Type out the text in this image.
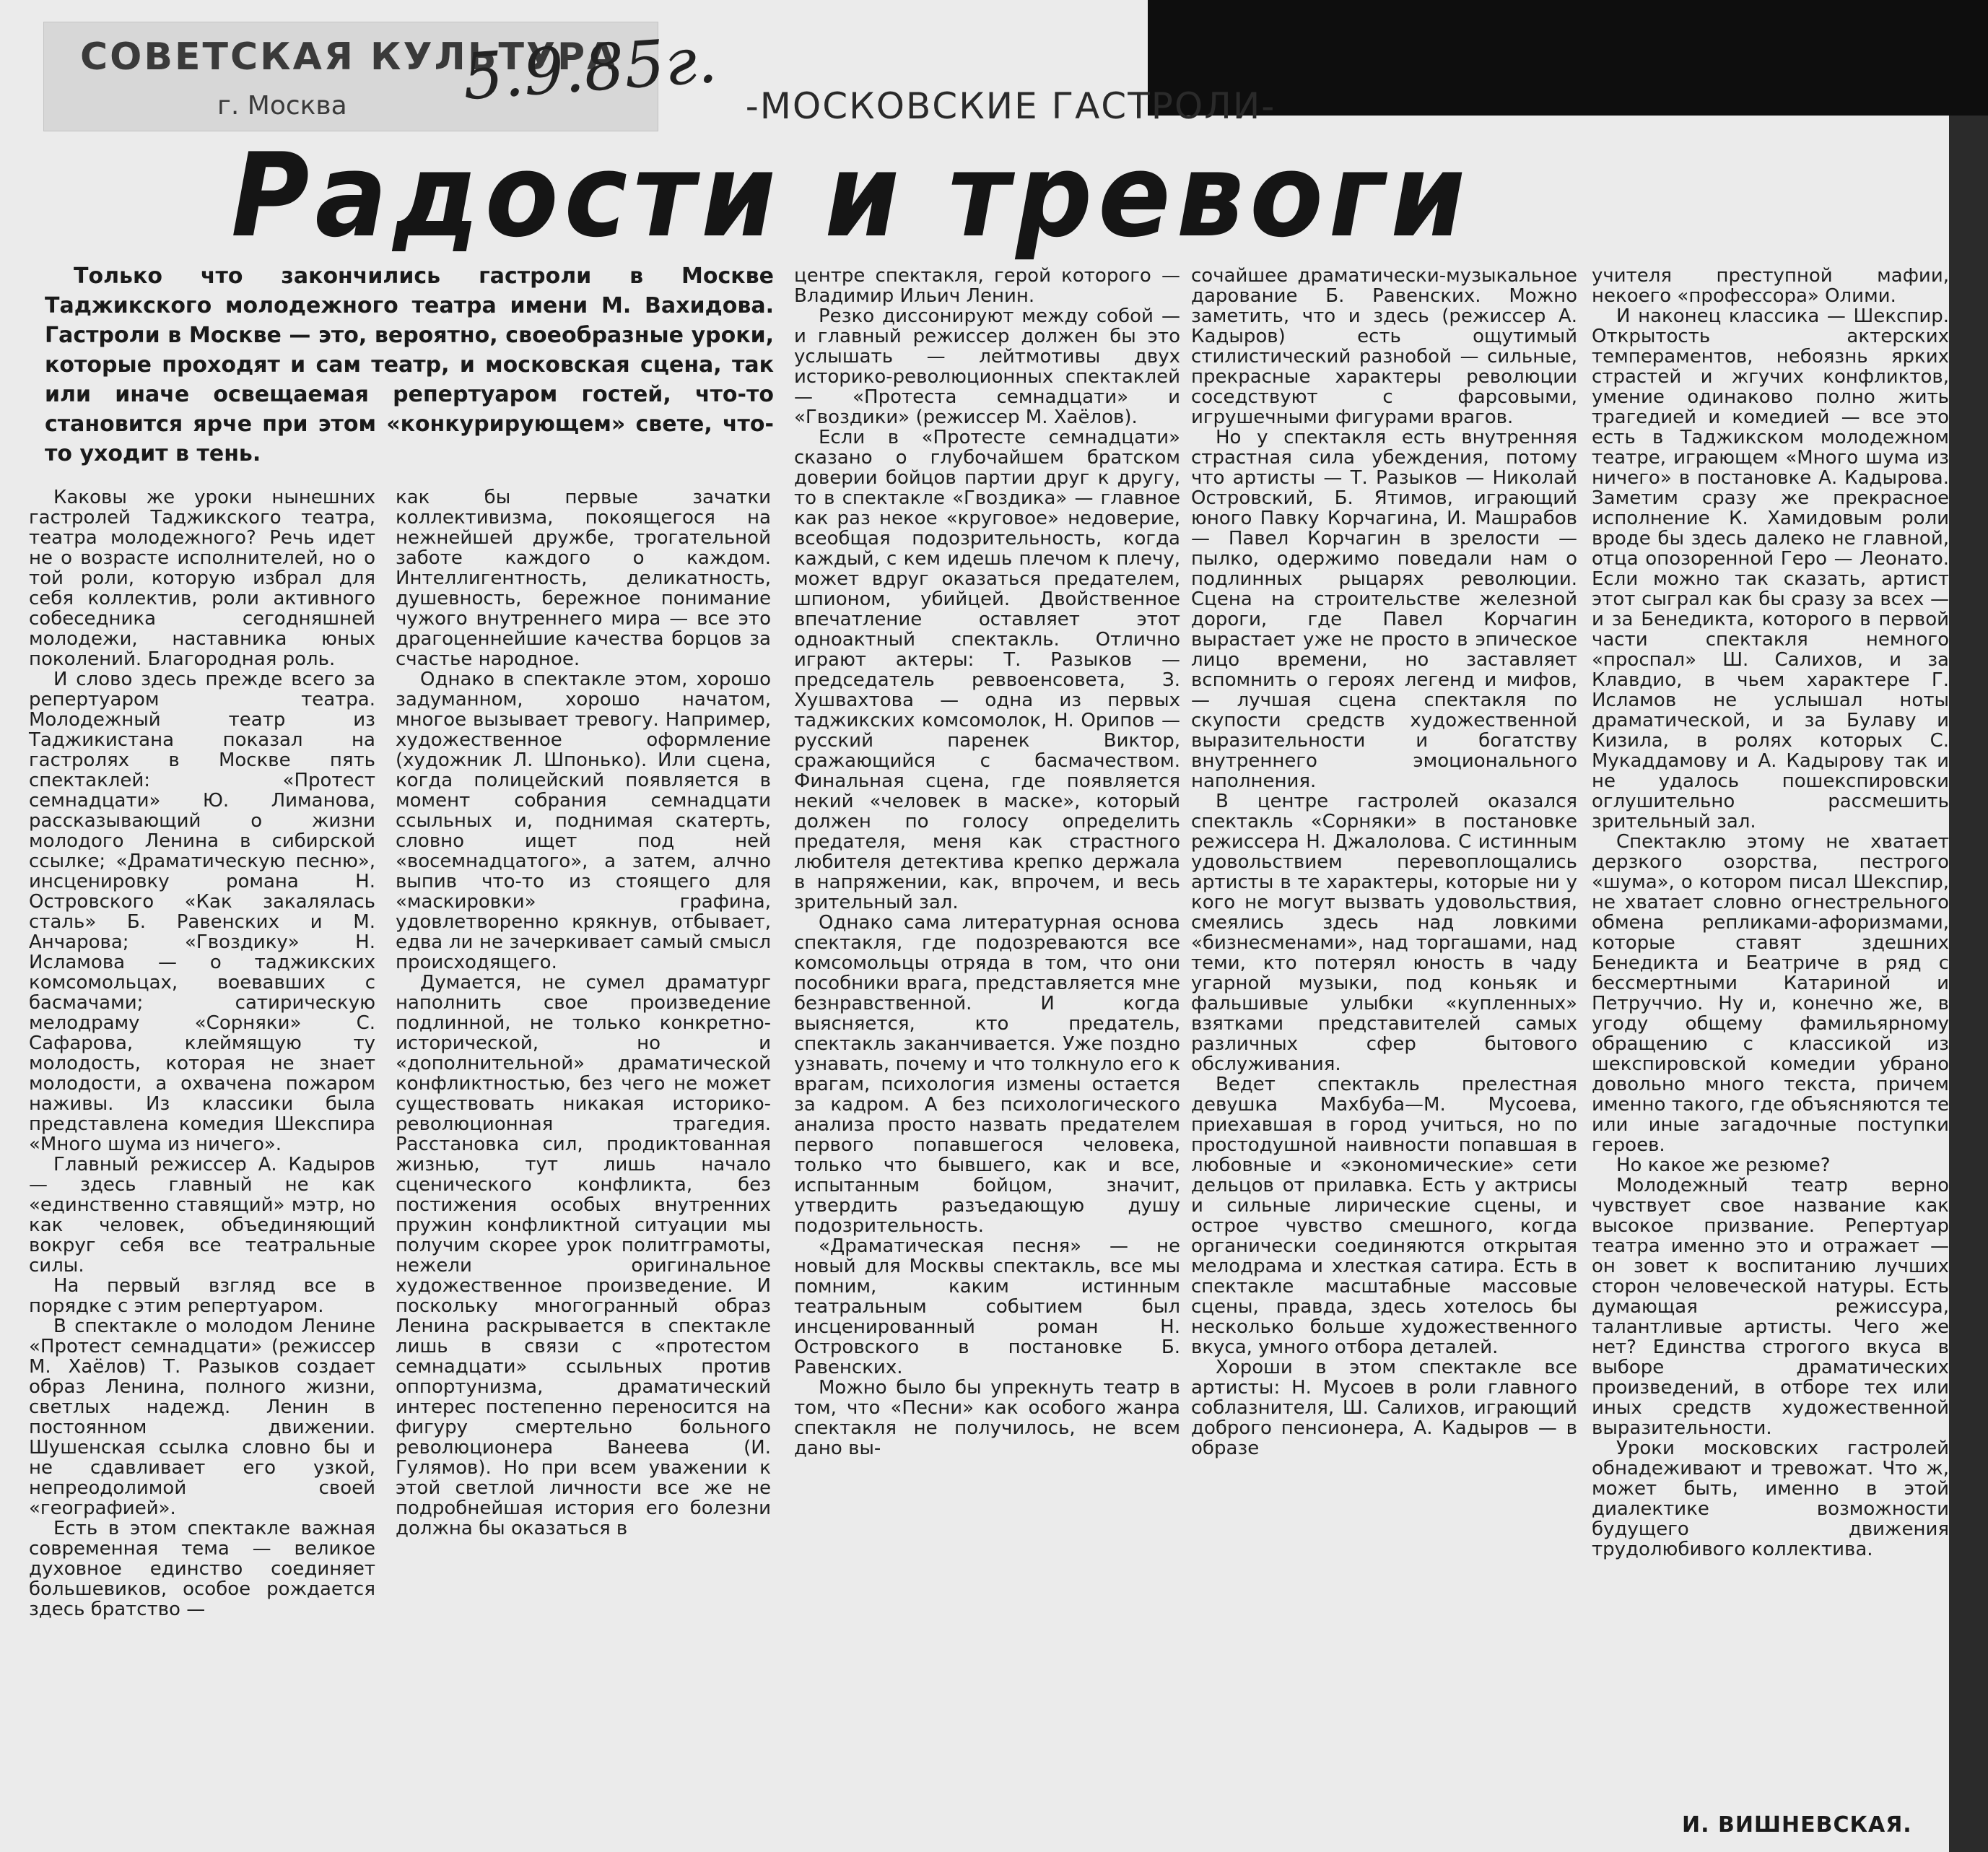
СОВЕТСКАЯ КУЛЬТУРА
г. Москва 5.9.85г. -МОСКОВСКИЕ ГАСТРОЛИ-
Радости и тревоги
Только что закончились гастроли в Москве Таджикского молодежного театра имени М. Вахидова. Гастроли в Москве — это, вероятно, своеобразные уроки, которые проходят и сам театр, и московская сцена, так или иначе освещаемая репертуаром гостей, что-то становится ярче при этом «конкурирующем» свете, что-то уходит в тень.

Каковы же уроки нынешних гастролей Таджикского театра, театра молодежного? Речь идет не о возрасте исполнителей, но о той роли, которую избрал для себя коллектив, роли активного собеседника сегодняшней молодежи, наставника юных поколений. Благородная роль.

И слово здесь прежде всего за репертуаром театра. Молодежный театр из Таджикистана показал на гастролях в Москве пять спектаклей: «Протест семнадцати» Ю. Лиманова, рассказывающий о жизни молодого Ленина в сибирской ссылке; «Драматическую песню», инсценировку романа Н. Островского «Как закалялась сталь» Б. Равенских и М. Анчарова; «Гвоздику» Н. Исламова — о таджикских комсомольцах, воевавших с басмачами; сатирическую мелодраму «Сорняки» С. Сафарова, клеймящую ту молодость, которая не знает молодости, а охвачена пожаром наживы. Из классики была представлена комедия Шекспира «Много шума из ничего».

Главный режиссер А. Кадыров — здесь главный не как «единственно ставящий» мэтр, но как человек, объединяющий вокруг себя все театральные силы.

На первый взгляд все в порядке с этим репертуаром.

В спектакле о молодом Ленине «Протест семнадцати» (режиссер М. Хаёлов) Т. Разыков создает образ Ленина, полного жизни, светлых надежд. Ленин в постоянном движении. Шушенская ссылка словно бы и не сдавливает его узкой, непреодолимой своей «географией».

Есть в этом спектакле важная современная тема — великое духовное единство соединяет большевиков, особое рождается здесь братство —

как бы первые зачатки коллективизма, покоящегося на нежнейшей дружбе, трогательной заботе каждого о каждом. Интеллигентность, деликатность, душевность, бережное понимание чужого внутреннего мира — все это драгоценнейшие качества борцов за счастье народное.

Однако в спектакле этом, хорошо задуманном, хорошо начатом, многое вызывает тревогу. Например, художественное оформление (художник Л. Шпонько). Или сцена, когда полицейский появляется в момент собрания семнадцати ссыльных и, поднимая скатерть, словно ищет под ней «восемнадцатого», а затем, алчно выпив что-то из стоящего для «маскировки» графина, удовлетворенно крякнув, отбывает, едва ли не зачеркивает самый смысл происходящего.

Думается, не сумел драматург наполнить свое произведение подлинной, не только конкретно-исторической, но и «дополнительной» драматической конфликтностью, без чего не может существовать никакая историко-революционная трагедия. Расстановка сил, продиктованная жизнью, тут лишь начало сценического конфликта, без постижения особых внутренних пружин конфликтной ситуации мы получим скорее урок политграмоты, нежели оригинальное художественное произведение. И поскольку многогранный образ Ленина раскрывается в спектакле лишь в связи с «протестом семнадцати» ссыльных против оппортунизма, драматический интерес постепенно переносится на фигуру смертельно больного революционера Ванеева (И. Гулямов). Но при всем уважении к этой светлой личности все же не подробнейшая история его болезни должна бы оказаться в

центре спектакля, герой которого — Владимир Ильич Ленин.

Резко диссонируют между собой — и главный режиссер должен бы это услышать — лейтмотивы двух историко-революционных спектаклей — «Протеста семнадцати» и «Гвоздики» (режиссер М. Хаёлов).

Если в «Протесте семнадцати» сказано о глубочайшем братском доверии бойцов партии друг к другу, то в спектакле «Гвоздика» — главное как раз некое «круговое» недоверие, всеобщая подозрительность, когда каждый, с кем идешь плечом к плечу, может вдруг оказаться предателем, шпионом, убийцей. Двойственное впечатление оставляет этот одноактный спектакль. Отлично играют актеры: Т. Разыков — председатель реввоенсовета, З. Хушвахтова — одна из первых таджикских комсомолок, Н. Орипов — русский паренек Виктор, сражающийся с басмачеством. Финальная сцена, где появляется некий «человек в маске», который должен по голосу определить предателя, меня как страстного любителя детектива крепко держала в напряжении, как, впрочем, и весь зрительный зал.

Однако сама литературная основа спектакля, где подозреваются все комсомольцы отряда в том, что они пособники врага, представляется мне безнравственной. И когда выясняется, кто предатель, спектакль заканчивается. Уже поздно узнавать, почему и что толкнуло его к врагам, психология измены остается за кадром. А без психологического анализа просто назвать предателем первого попавшегося человека, только что бывшего, как и все, испытанным бойцом, значит, утвердить разъедающую душу подозрительность.

«Драматическая песня» — не новый для Москвы спектакль, все мы помним, каким истинным театральным событием был инсценированный роман Н. Островского в постановке Б. Равенских.

Можно было бы упрекнуть театр в том, что «Песни» как особого жанра спектакля не получилось, не всем дано вы-

сочайшее драматически-музыкальное дарование Б. Равенских. Можно заметить, что и здесь (режиссер А. Кадыров) есть ощутимый стилистический разнобой — сильные, прекрасные характеры революции соседствуют с фарсовыми, игрушечными фигурами врагов.

Но у спектакля есть внутренняя страстная сила убеждения, потому что артисты — Т. Разыков — Николай Островский, Б. Ятимов, играющий юного Павку Корчагина, И. Машрабов — Павел Корчагин в зрелости — пылко, одержимо поведали нам о подлинных рыцарях революции. Сцена на строительстве железной дороги, где Павел Корчагин вырастает уже не просто в эпическое лицо времени, но заставляет вспомнить о героях легенд и мифов,— лучшая сцена спектакля по скупости средств художественной выразительности и богатству внутреннего эмоционального наполнения.

В центре гастролей оказался спектакль «Сорняки» в постановке режиссера Н. Джалолова. С истинным удовольствием перевоплощались артисты в те характеры, которые ни у кого не могут вызвать удовольствия, смеялись здесь над ловкими «бизнесменами», над торгашами, над теми, кто потерял юность в чаду угарной музыки, под коньяк и фальшивые улыбки «купленных» взятками представителей самых различных сфер бытового обслуживания.

Ведет спектакль прелестная девушка Махбуба—М. Мусоева, приехавшая в город учиться, но по простодушной наивности попавшая в любовные и «экономические» сети дельцов от прилавка. Есть у актрисы и сильные лирические сцены, и острое чувство смешного, когда органически соединяются открытая мелодрама и хлесткая сатира. Есть в спектакле масштабные массовые сцены, правда, здесь хотелось бы несколько больше художественного вкуса, умного отбора деталей.

Хороши в этом спектакле все артисты: Н. Мусоев в роли главного соблазнителя, Ш. Салихов, играющий доброго пенсионера, А. Кадыров — в образе

учителя преступной мафии, некоего «профессора» Олими.

И наконец классика — Шекспир. Открытость актерских темпераментов, небоязнь ярких страстей и жгучих конфликтов, умение одинаково полно жить трагедией и комедией — все это есть в Таджикском молодежном театре, играющем «Много шума из ничего» в постановке А. Кадырова. Заметим сразу же прекрасное исполнение К. Хамидовым роли вроде бы здесь далеко не главной, отца опозоренной Геро — Леонато. Если можно так сказать, артист этот сыграл как бы сразу за всех — и за Бенедикта, которого в первой части спектакля немного «проспал» Ш. Салихов, и за Клавдио, в чьем характере Г. Исламов не услышал ноты драматической, и за Булаву и Кизила, в ролях которых С. Мукаддамову и А. Кадырову так и не удалось пошекспировски оглушительно рассмешить зрительный зал.

Спектаклю этому не хватает дерзкого озорства, пестрого «шума», о котором писал Шекспир, не хватает словно огнестрельного обмена репликами-афоризмами, которые ставят здешних Бенедикта и Беатриче в ряд с бессмертными Катариной и Петруччио. Ну и, конечно же, в угоду общему фамильярному обращению с классикой из шекспировской комедии убрано довольно много текста, причем именно такого, где объясняются те или иные загадочные поступки героев.

Но какое же резюме?

Молодежный театр верно чувствует свое название как высокое призвание. Репертуар театра именно это и отражает — он зовет к воспитанию лучших сторон человеческой натуры. Есть думающая режиссура, талантливые артисты. Чего же нет? Единства строгого вкуса в выборе драматических произведений, в отборе тех или иных средств художественной выразительности.

Уроки московских гастролей обнадеживают и тревожат. Что ж, может быть, именно в этой диалектике возможности будущего движения трудолюбивого коллектива.

И. ВИШНЕВСКАЯ.
